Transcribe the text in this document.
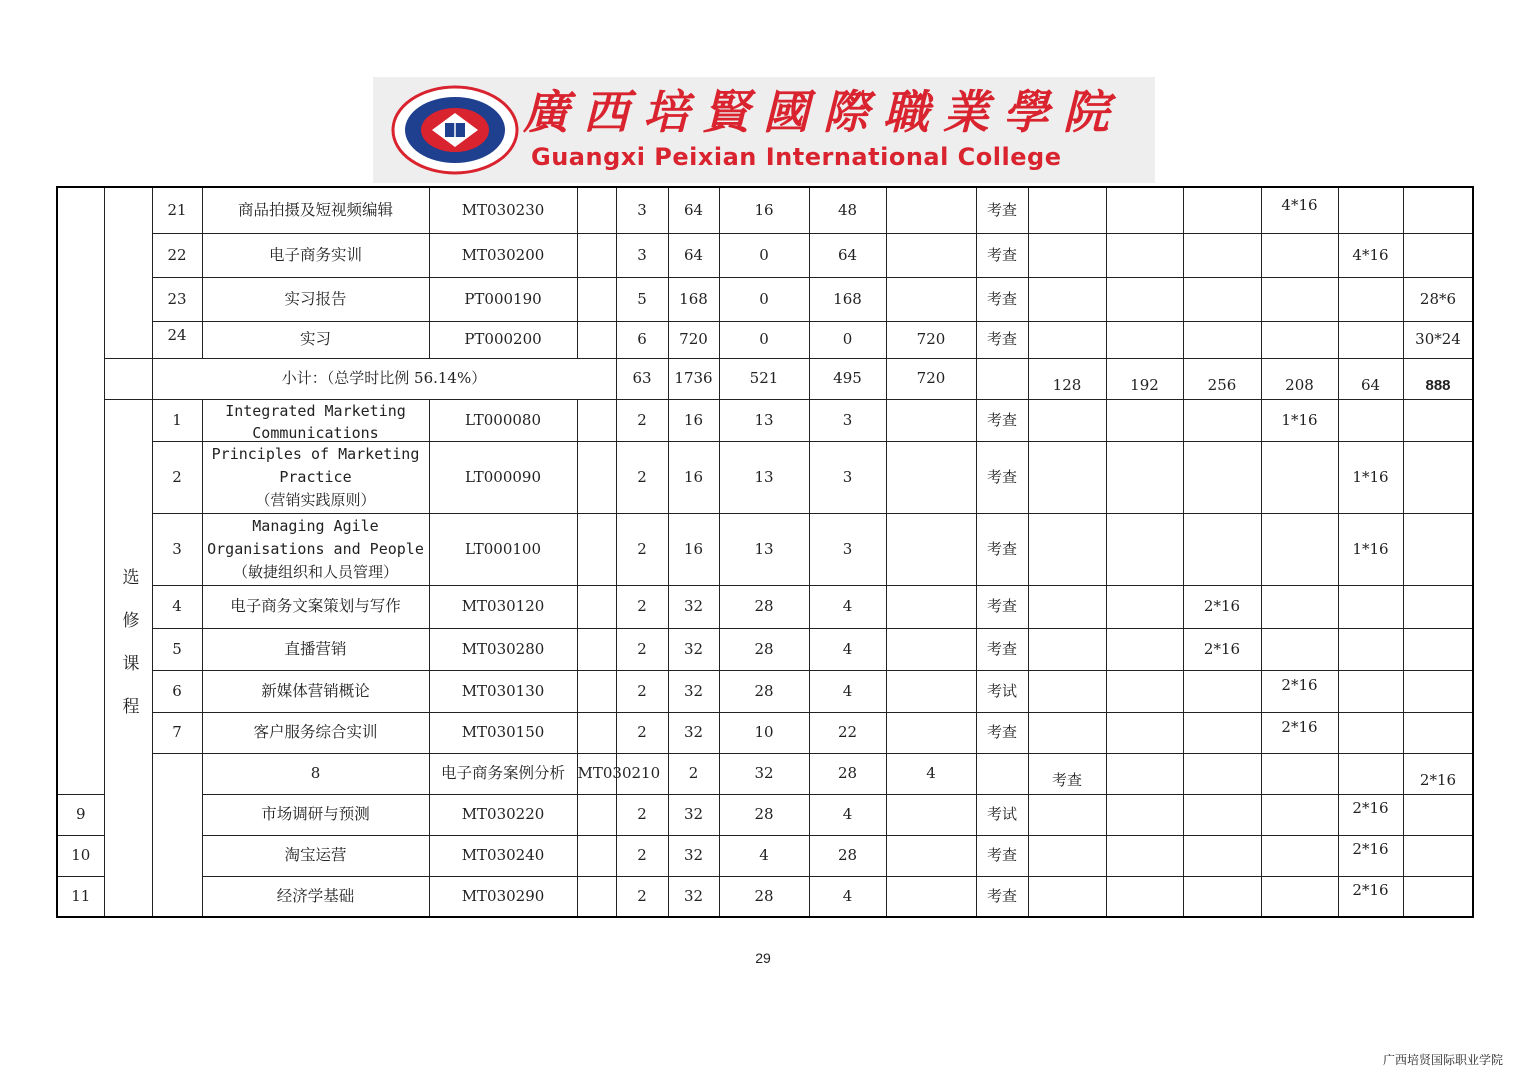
廣西培賢國際職業學院
Guangxi Peixian International College
		21	商品拍摄及短视频编辑	MT030230		3	64	16	48		考查				4*16			
		22	电子商务实训	MT030200		3	64	0	64		考查					4*16		
		23	实习报告	PT000190		5	168	0	168		考查						28*6	
		24	实习	PT000200		6	720	0	0	720	考查						30*24	
		小计：（总学时比例 56.14%）				63	1736	521	495	720		128	192	256	208	64	888	
	选修课程	1	Integrated Marketing
Communications	LT000080		2	16	13	3		考查				1*16			
		2	Principles of Marketing
Practice
（营销实践原则）	LT000090		2	16	13	3		考查					1*16		
		3	Managing Agile
Organisations and People
（敏捷组织和人员管理）	LT000100		2	16	13	3		考查					1*16		
		4	电子商务文案策划与写作	MT030120		2	32	28	4		考查			2*16				
		5	直播营销	MT030280		2	32	28	4		考查			2*16				
		6	新媒体营销概论	MT030130		2	32	28	4		考试				2*16			
		7	客户服务综合实训	MT030150		2	32	10	22		考查				2*16			
			8	电子商务案例分析	MT030210		2	32	28	4		考查					2*16	
9			市场调研与预测	MT030220		2	32	28	4		考试					2*16		
10			淘宝运营	MT030240		2	32	4	28		考查					2*16		
11			经济学基础	MT030290		2	32	28	4		考查					2*16		
29
广西培贤国际职业学院
